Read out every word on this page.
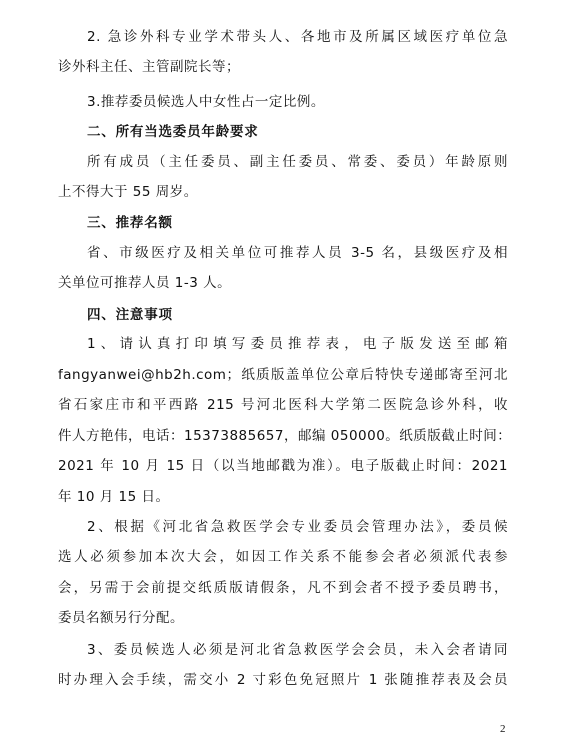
2. 急诊外科专业学术带头人、各地市及所属区域医疗单位急
诊外科主任、主管副院长等；
3.推荐委员候选人中女性占一定比例。
二、所有当选委员年龄要求
所有成员（主任委员、副主任委员、常委、委员）年龄原则
上不得大于 55 周岁。
三、推荐名额
省、市级医疗及相关单位可推荐人员 3-5 名，县级医疗及相
关单位可推荐人员 1-3 人。
四、注意事项
1、请认真打印填写委员推荐表，电子版发送至邮箱
fangyanwei@hb2h.com；纸质版盖单位公章后特快专递邮寄至河北
省石家庄市和平西路 215 号河北医科大学第二医院急诊外科，收
件人方艳伟，电话：15373885657，邮编 050000。纸质版截止时间：
2021 年 10 月 15 日（以当地邮戳为准）。电子版截止时间：2021
年 10 月 15 日。
2、根据《河北省急救医学会专业委员会管理办法》，委员候
选人必须参加本次大会，如因工作关系不能参会者必须派代表参
会，另需于会前提交纸质版请假条，凡不到会者不授予委员聘书，
委员名额另行分配。
3、委员候选人必须是河北省急救医学会会员，未入会者请同
时办理入会手续，需交小 2 寸彩色免冠照片 1 张随推荐表及会员
2
